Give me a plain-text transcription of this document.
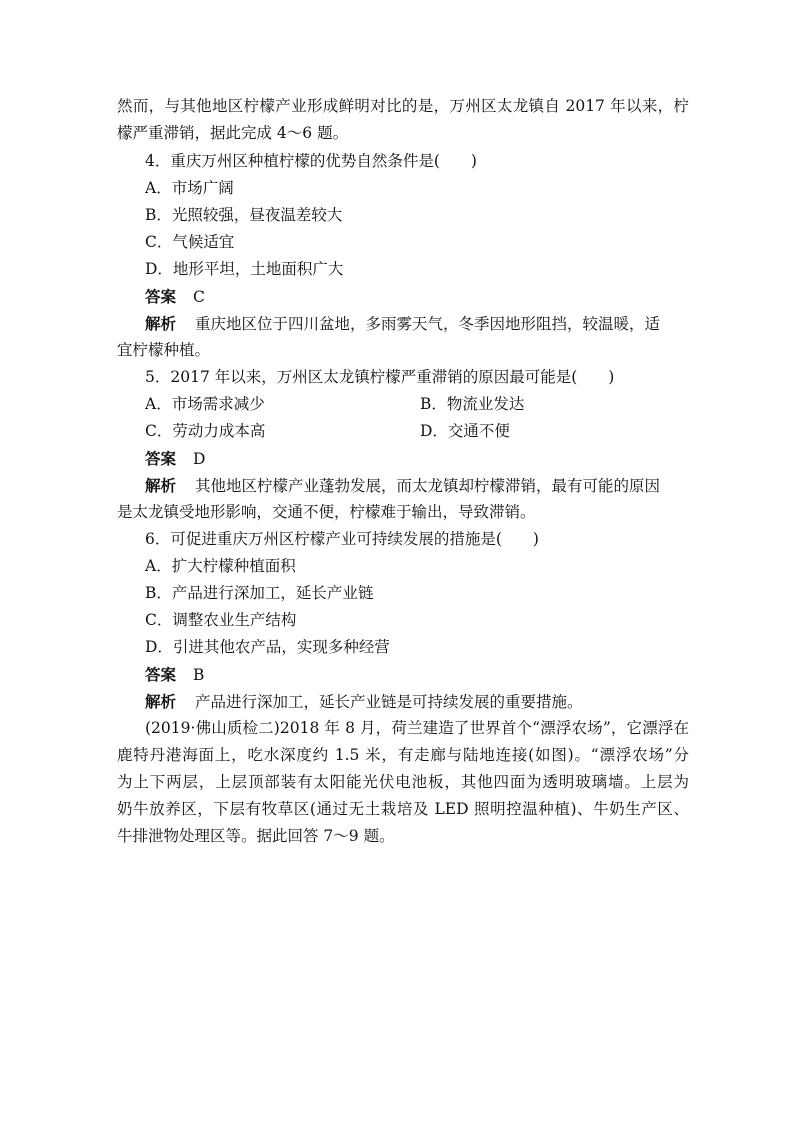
然而，与其他地区柠檬产业形成鲜明对比的是，万州区太龙镇自 2017 年以来，柠
檬严重滞销，据此完成 4～6 题。
4．重庆万州区种植柠檬的优势自然条件是(　　)
A．市场广阔
B．光照较强，昼夜温差较大
C．气候适宜
D．地形平坦，土地面积广大
答案 C
解析 重庆地区位于四川盆地，多雨雾天气，冬季因地形阻挡，较温暖，适
宜柠檬种植。
5．2017 年以来，万州区太龙镇柠檬严重滞销的原因最可能是(　　)
A．市场需求减少	B．物流业发达
C．劳动力成本高	D．交通不便
答案 D
解析 其他地区柠檬产业蓬勃发展，而太龙镇却柠檬滞销，最有可能的原因
是太龙镇受地形影响，交通不便，柠檬难于输出，导致滞销。
6．可促进重庆万州区柠檬产业可持续发展的措施是(　　)
A．扩大柠檬种植面积
B．产品进行深加工，延长产业链
C．调整农业生产结构
D．引进其他农产品，实现多种经营
答案 B
解析 产品进行深加工，延长产业链是可持续发展的重要措施。
(2019·佛山质检二)2018 年 8 月，荷兰建造了世界首个“漂浮农场”，它漂浮在
鹿特丹港海面上，吃水深度约 1.5 米，有走廊与陆地连接(如图)。“漂浮农场”分
为上下两层，上层顶部装有太阳能光伏电池板，其他四面为透明玻璃墙。上层为
奶牛放养区，下层有牧草区(通过无土栽培及 LED 照明控温种植)、牛奶生产区、
牛排泄物处理区等。据此回答 7～9 题。
